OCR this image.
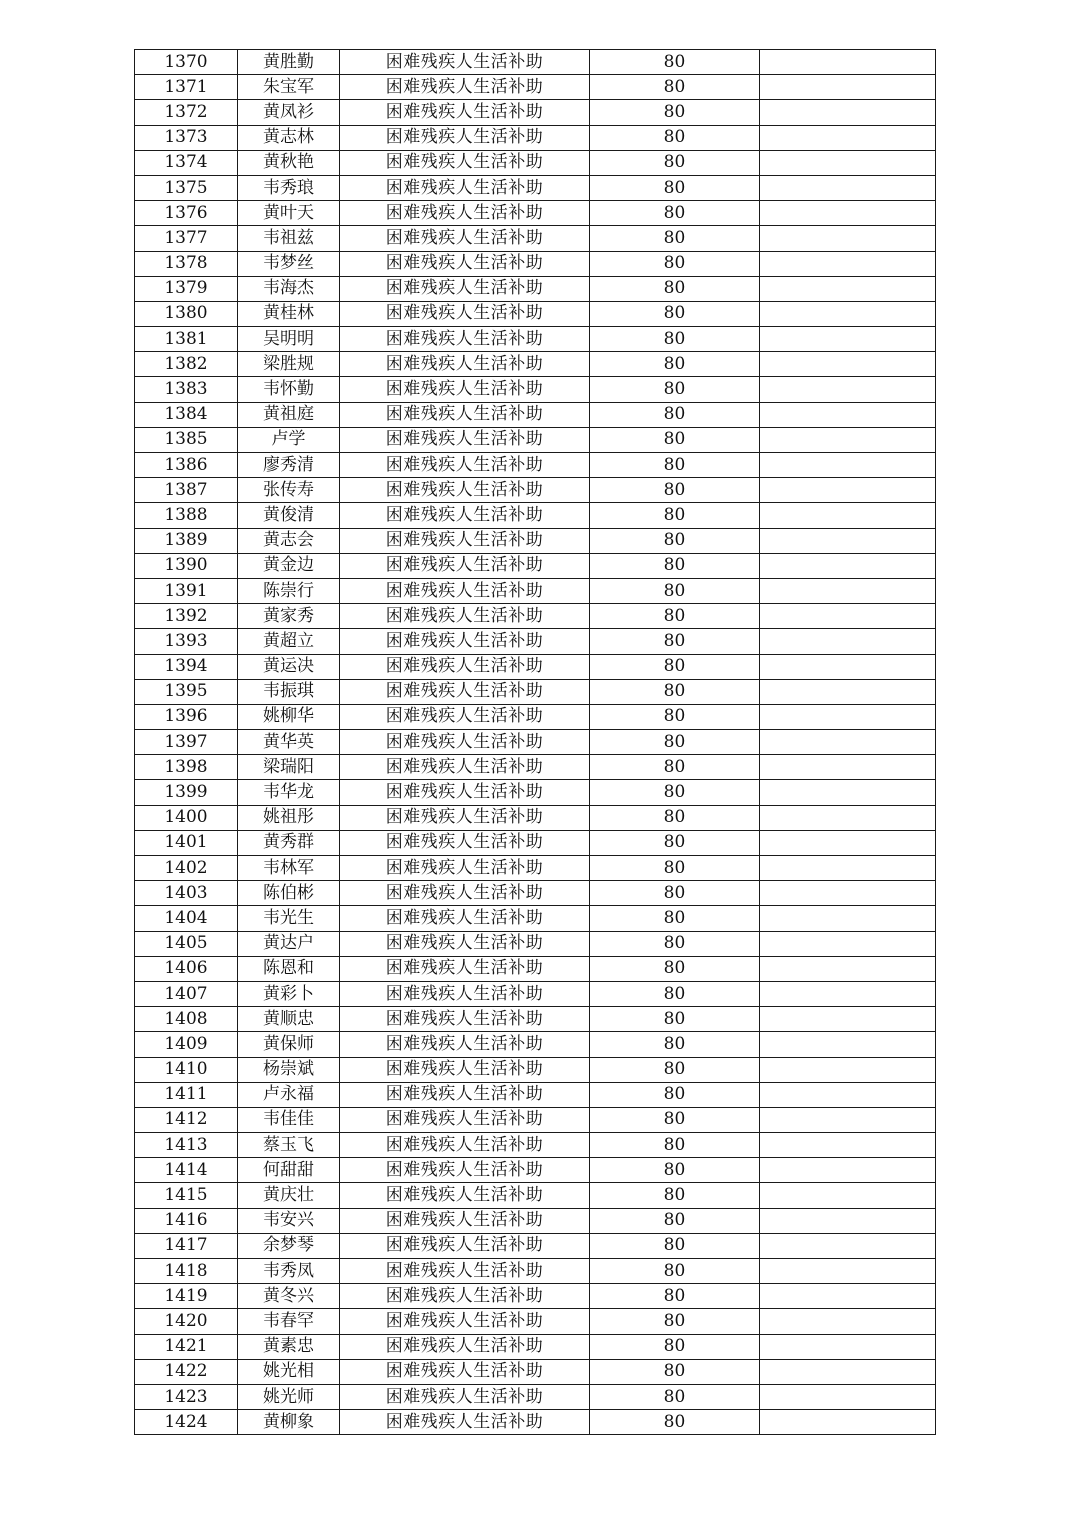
1370	黄胜勤	困难残疾人生活补助	80	
1371	朱宝军	困难残疾人生活补助	80	
1372	黄凤衫	困难残疾人生活补助	80	
1373	黄志林	困难残疾人生活补助	80	
1374	黄秋艳	困难残疾人生活补助	80	
1375	韦秀琅	困难残疾人生活补助	80	
1376	黄叶天	困难残疾人生活补助	80	
1377	韦祖兹	困难残疾人生活补助	80	
1378	韦梦丝	困难残疾人生活补助	80	
1379	韦海杰	困难残疾人生活补助	80	
1380	黄桂林	困难残疾人生活补助	80	
1381	吴明明	困难残疾人生活补助	80	
1382	梁胜规	困难残疾人生活补助	80	
1383	韦怀勤	困难残疾人生活补助	80	
1384	黄祖庭	困难残疾人生活补助	80	
1385	卢学	困难残疾人生活补助	80	
1386	廖秀清	困难残疾人生活补助	80	
1387	张传寿	困难残疾人生活补助	80	
1388	黄俊清	困难残疾人生活补助	80	
1389	黄志会	困难残疾人生活补助	80	
1390	黄金边	困难残疾人生活补助	80	
1391	陈崇行	困难残疾人生活补助	80	
1392	黄家秀	困难残疾人生活补助	80	
1393	黄超立	困难残疾人生活补助	80	
1394	黄运决	困难残疾人生活补助	80	
1395	韦振琪	困难残疾人生活补助	80	
1396	姚柳华	困难残疾人生活补助	80	
1397	黄华英	困难残疾人生活补助	80	
1398	梁瑞阳	困难残疾人生活补助	80	
1399	韦华龙	困难残疾人生活补助	80	
1400	姚祖彤	困难残疾人生活补助	80	
1401	黄秀群	困难残疾人生活补助	80	
1402	韦林军	困难残疾人生活补助	80	
1403	陈伯彬	困难残疾人生活补助	80	
1404	韦光生	困难残疾人生活补助	80	
1405	黄达户	困难残疾人生活补助	80	
1406	陈恩和	困难残疾人生活补助	80	
1407	黄彩卜	困难残疾人生活补助	80	
1408	黄顺忠	困难残疾人生活补助	80	
1409	黄保师	困难残疾人生活补助	80	
1410	杨崇斌	困难残疾人生活补助	80	
1411	卢永福	困难残疾人生活补助	80	
1412	韦佳佳	困难残疾人生活补助	80	
1413	蔡玉飞	困难残疾人生活补助	80	
1414	何甜甜	困难残疾人生活补助	80	
1415	黄庆壮	困难残疾人生活补助	80	
1416	韦安兴	困难残疾人生活补助	80	
1417	余梦琴	困难残疾人生活补助	80	
1418	韦秀凤	困难残疾人生活补助	80	
1419	黄冬兴	困难残疾人生活补助	80	
1420	韦春罕	困难残疾人生活补助	80	
1421	黄素忠	困难残疾人生活补助	80	
1422	姚光相	困难残疾人生活补助	80	
1423	姚光师	困难残疾人生活补助	80	
1424	黄柳象	困难残疾人生活补助	80	
